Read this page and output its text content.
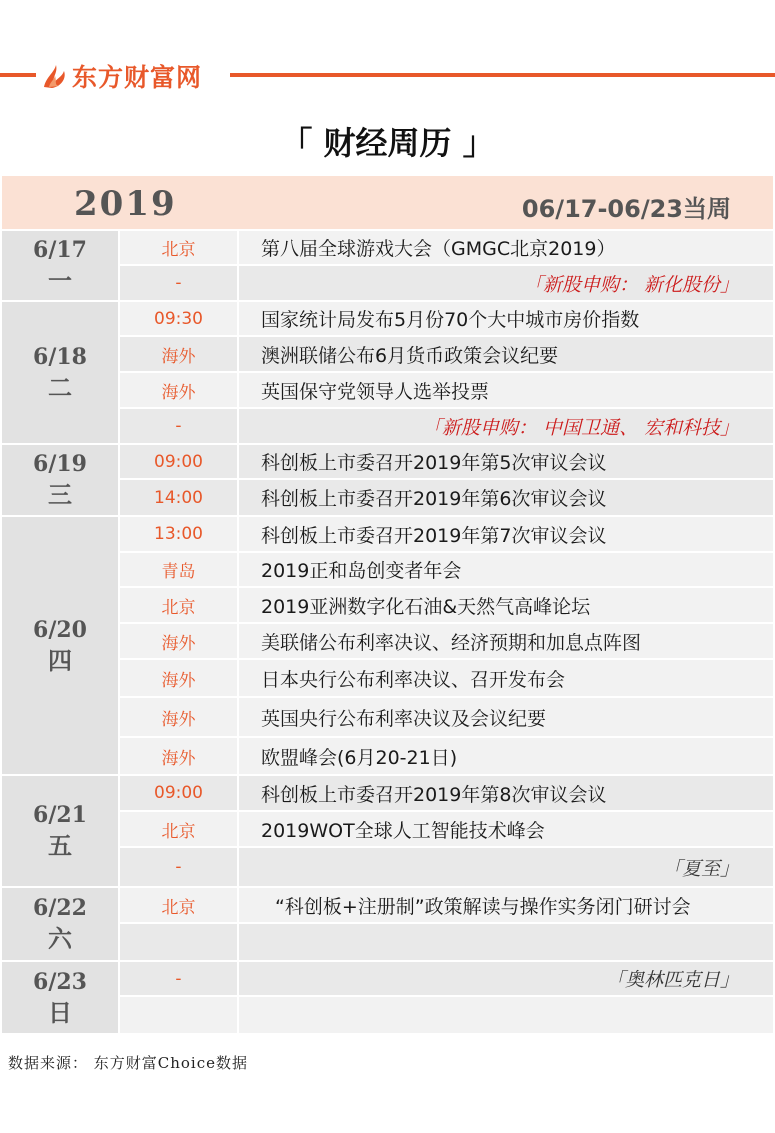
东方财富网
「 财经周历 」
2019	06/17-06/23当周
6/17
一
北京	第八届全球游戏大会（GMGC北京2019）
-	「新股申购： 新化股份」
6/18
二
09:30	国家统计局发布5月份70个大中城市房价指数
海外	澳洲联储公布6月货币政策会议纪要
海外	英国保守党领导人选举投票
-	「新股申购： 中国卫通、 宏和科技」
6/19
三
09:00	科创板上市委召开2019年第5次审议会议
14:00	科创板上市委召开2019年第6次审议会议
6/20
四
13:00	科创板上市委召开2019年第7次审议会议
青岛	2019正和岛创变者年会
北京	2019亚洲数字化石油&天然气高峰论坛
海外	美联储公布利率决议、经济预期和加息点阵图
海外	日本央行公布利率决议、召开发布会
海外	英国央行公布利率决议及会议纪要
海外	欧盟峰会(6月20-21日)
6/21
五
09:00	科创板上市委召开2019年第8次审议会议
北京	2019WOT全球人工智能技术峰会
-	「夏至」
6/22
六
北京	“科创板+注册制”政策解读与操作实务闭门研讨会
6/23
日
-	「奥林匹克日」
数据来源： 东方财富Choice数据
